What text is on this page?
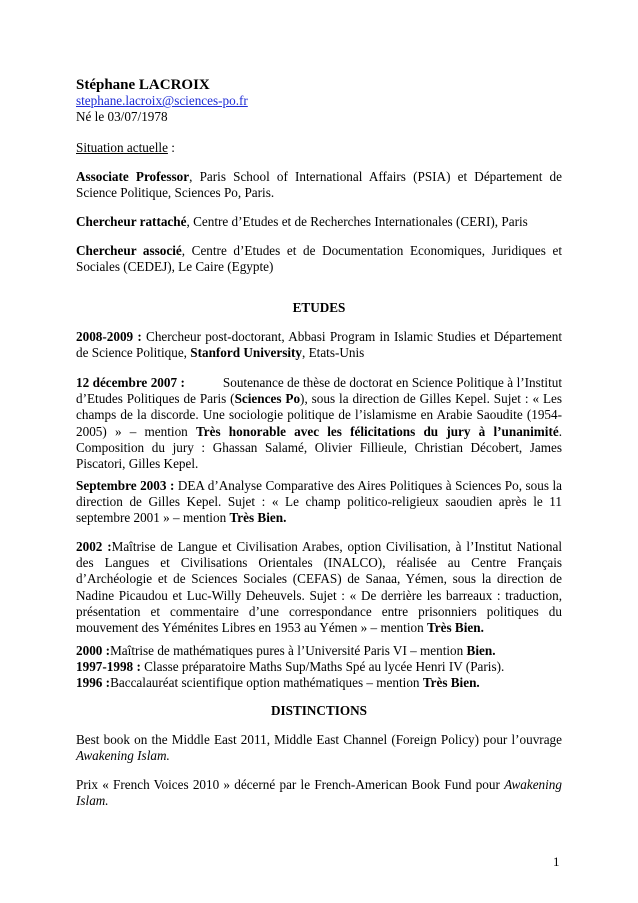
Stéphane LACROIX
stephane.lacroix@sciences-po.fr
Né le 03/07/1978
Situation actuelle :
Associate Professor, Paris School of International Affairs (PSIA) et Département de Science Politique, Sciences Po, Paris.
Chercheur rattaché, Centre d’Etudes et de Recherches Internationales (CERI), Paris
Chercheur associé, Centre d’Etudes et de Documentation Economiques, Juridiques et Sociales (CEDEJ), Le Caire (Egypte)
ETUDES
2008-2009 : Chercheur post-doctorant, Abbasi Program in Islamic Studies et Département de Science Politique, Stanford University, Etats-Unis
12 décembre 2007 :	Soutenance de thèse de doctorat en Science Politique à l’Institut d’Etudes Politiques de Paris (Sciences Po), sous la direction de Gilles Kepel. Sujet : « Les champs de la discorde. Une sociologie politique de l’islamisme en Arabie Saoudite (1954-2005) » – mention Très honorable avec les félicitations du jury à l’unanimité. Composition du jury : Ghassan Salamé, Olivier Fillieule, Christian Décobert, James Piscatori, Gilles Kepel.
Septembre 2003 : DEA d’Analyse Comparative des Aires Politiques à Sciences Po, sous la direction de Gilles Kepel. Sujet : « Le champ politico-religieux saoudien après le 11 septembre 2001 » – mention Très Bien.
2002 :Maîtrise de Langue et Civilisation Arabes, option Civilisation, à l’Institut National des Langues et Civilisations Orientales (INALCO), réalisée au Centre Français d’Archéologie et de Sciences Sociales (CEFAS) de Sanaa, Yémen, sous la direction de Nadine Picaudou et Luc-Willy Deheuvels. Sujet : « De derrière les barreaux : traduction, présentation et commentaire d’une correspondance entre prisonniers politiques du mouvement des Yéménites Libres en 1953 au Yémen » – mention Très Bien.
2000 :Maîtrise de mathématiques pures à l’Université Paris VI – mention Bien.
1997-1998 : Classe préparatoire Maths Sup/Maths Spé au lycée Henri IV (Paris).
1996 :Baccalauréat scientifique option mathématiques – mention Très Bien.
DISTINCTIONS
Best book on the Middle East 2011, Middle East Channel (Foreign Policy) pour l’ouvrage Awakening Islam.
Prix « French Voices 2010 » décerné par le French-American Book Fund pour Awakening Islam.
1
